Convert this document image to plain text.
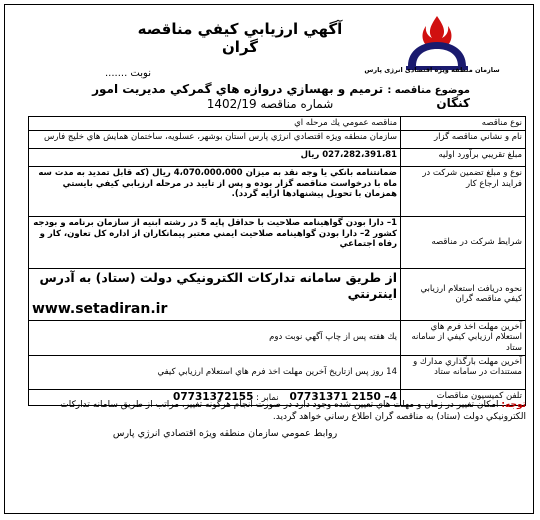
سازمان منطقه ویژه اقتصادی انرژی پارس
آگهي ارزيابي كيفي مناقصه گران
نوبت .......
موضوع مناقصه : ترميم و بهسازي دروازه هاي گمركي مديريت امور كنگان
شماره مناقصه 1402/19
نوع مناقصه	مناقصه عمومي يك مرحله اي
نام و نشاني مناقصه گزار	سازمان منطقه ويژه اقتصادي انرژي پارس استان بوشهر، عسلويه، ساختمان همايش هاي خليج فارس
مبلغ تقريبي برآورد اوليه	027،282،391،81 ريال
نوع و مبلغ تضمين شركت در فرايند ارجاع كار	ضمانتنامه بانكي يا وجه نقد به ميزان 4،070،000،000 ريال (كه قابل تمديد به مدت سه ماه با درخواست مناقصه گزار بوده و پس از تاييد در مرحله ارزيابي كيفي بايستي همزمان با تحويل پيشنهادها ارايه گردد).
شرايط شركت در مناقصه	1– دارا بودن گواهينامه صلاحيت با حداقل پايه 5 در رشته ابنيه از سازمان برنامه و بودجه كشور 2– دارا بودن گواهينامه صلاحيت ايمني معتبر پيمانكاران از اداره كل تعاون، كار و رفاه اجتماعي
نحوه دريافت استعلام ارزيابي كيفي مناقصه گران	از طريق سامانه تداركات الكترونيكي دولت (ستاد) به آدرس اينترنتي
www.setadiran.ir

آخرين مهلت اخذ فرم هاي استعلام ارزيابي كيفي از سامانه ستاد	يك هفته پس از چاپ آگهي نوبت دوم
آخرين مهلت بارگذاري مدارك و مستندات در سامانه ستاد	14 روز پس ازتاريخ آخرين مهلت اخذ فرم هاي استعلام ارزيابي كيفي
تلفن كميسيون مناقصات	4– 2150 07731371    نمابر : 07731372155
توجه: امكان تغيير در زمان و مهلت هاي تعيين شده وجود دارد در صورت انجام هرگونه تغيير، مراتب از طريق سامانه تداركات الكترونيكي دولت (ستاد) به مناقصه گران اطلاع رساني خواهد گرديد.
روابط عمومي سازمان منطقه ويژه اقتصادي انرژي پارس
